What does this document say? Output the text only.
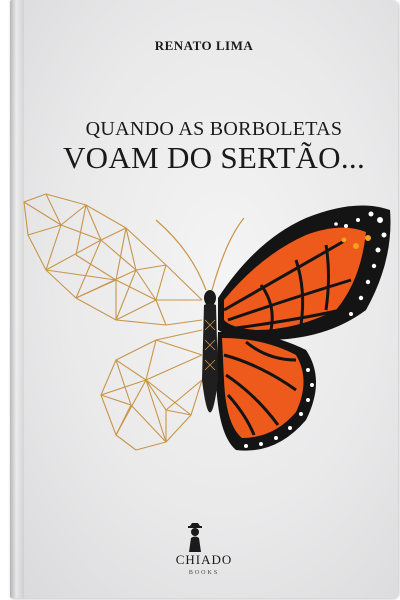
RENATO LIMA
QUANDO AS BORBOLETAS
VOAM DO SERTÃO...
CHIADO
BOOKS
